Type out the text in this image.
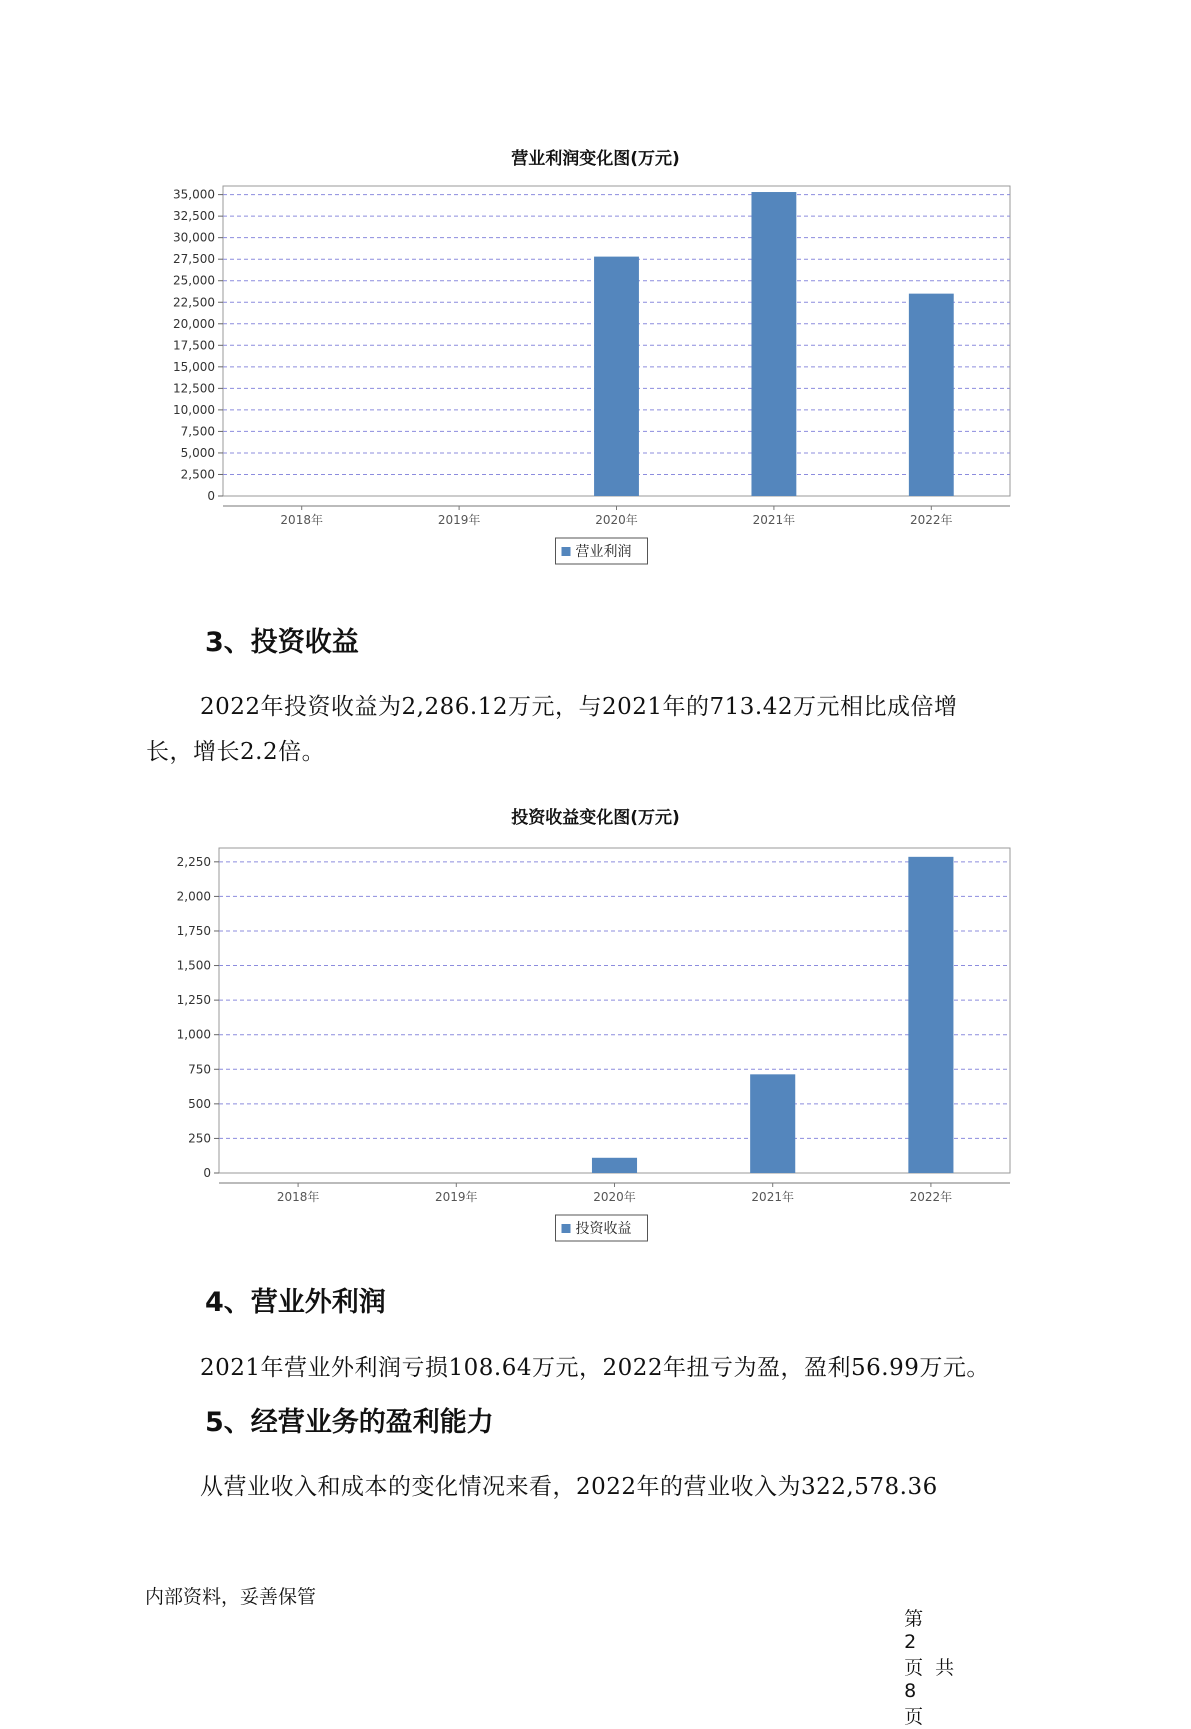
营业利润变化图(万元)
0
2,500
5,000
7,500
10,000
12,500
15,000
17,500
20,000
22,500
25,000
27,500
30,000
32,500
35,000
2018年	2019年	2020年	2021年	2022年
营业利润
3、投资收益

2022年投资收益为2,286.12万元，与2021年的713.42万元相比成倍增

长，增长2.2倍。

投资收益变化图(万元)
0
250
500
750
1,000
1,250
1,500
1,750
2,000
2,250
2018年	2019年	2020年	2021年	2022年
投资收益
4、营业外利润

2021年营业外利润亏损108.64万元，2022年扭亏为盈，盈利56.99万元。

5、经营业务的盈利能力

从营业收入和成本的变化情况来看，2022年的营业收入为322,578.36

内部资料，妥善保管

第
2
页  共
8
页
